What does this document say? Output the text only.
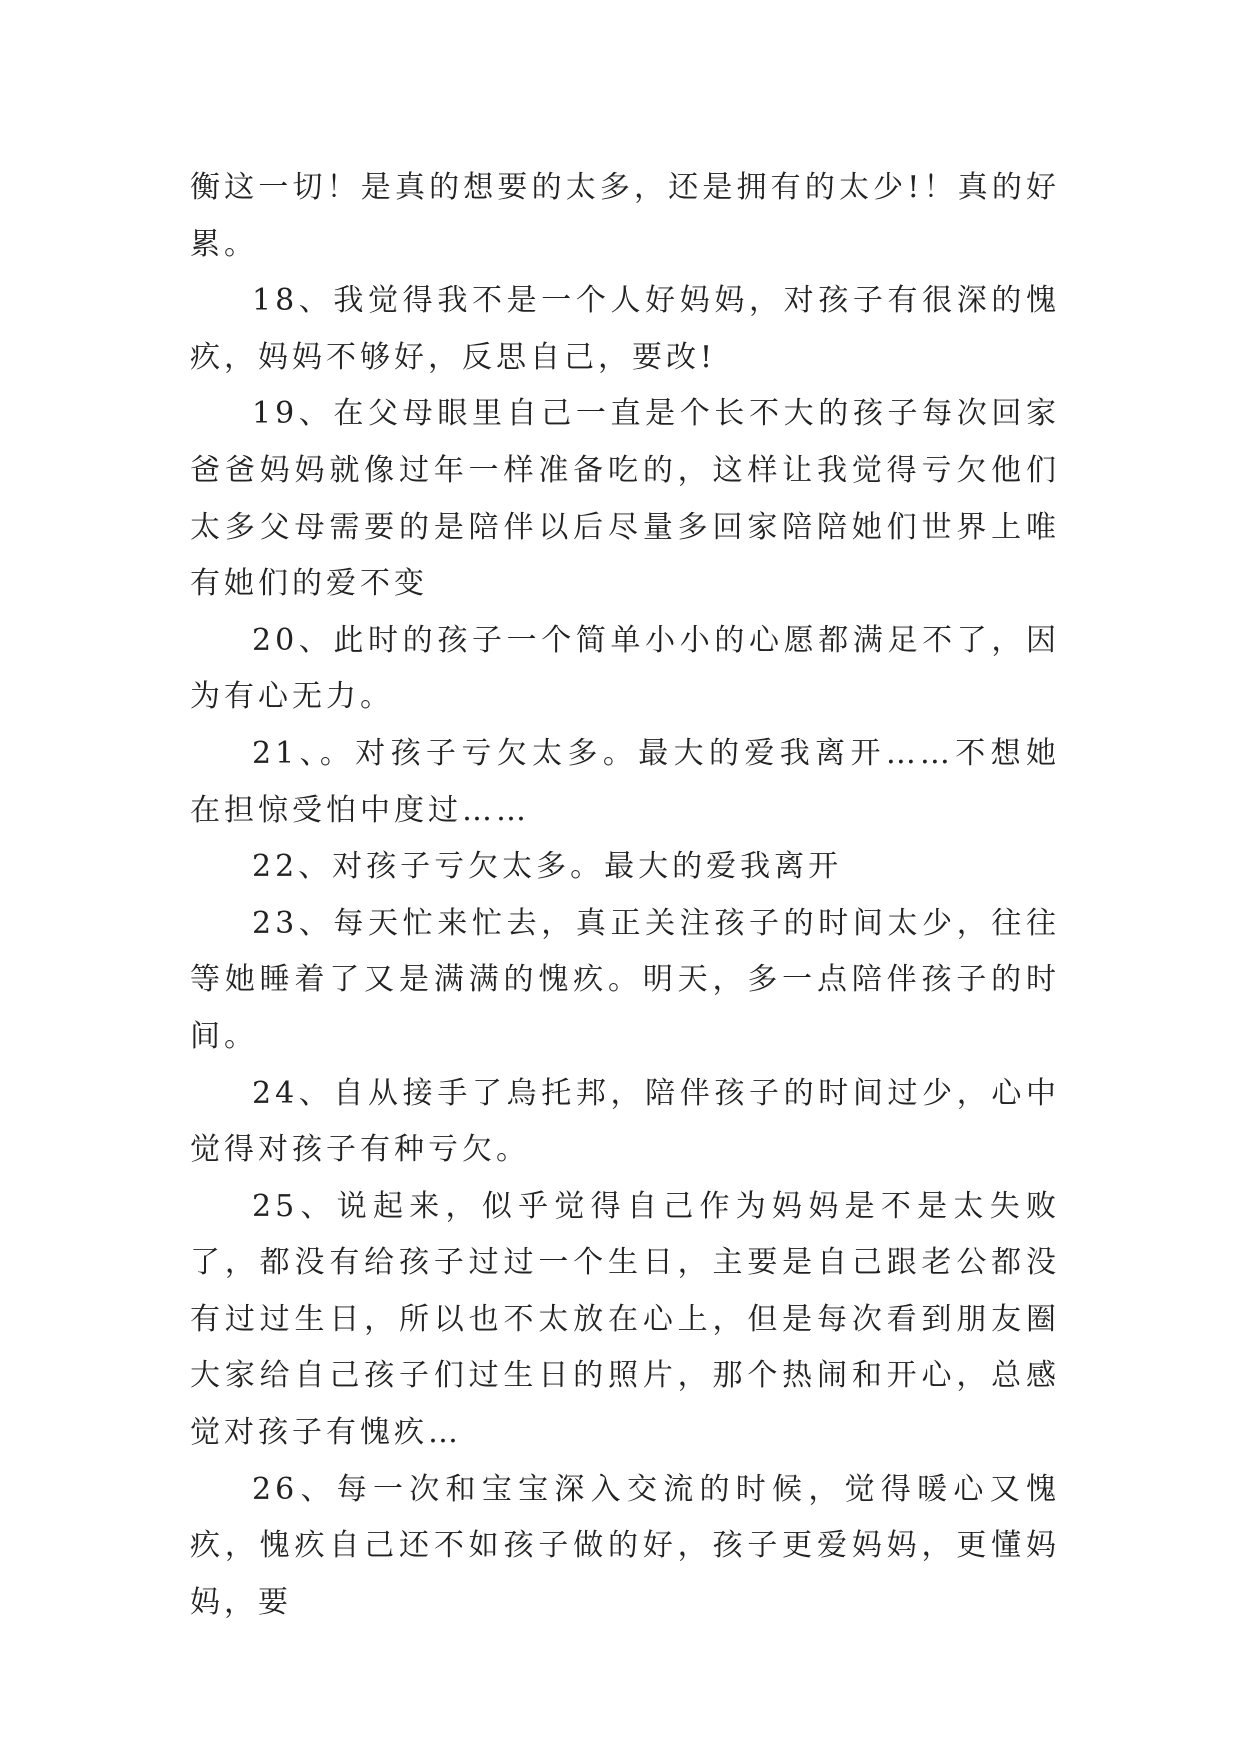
衡这一切！是真的想要的太多，还是拥有的太少!！真的好累。

18、我觉得我不是一个人好妈妈，对孩子有很深的愧疚，妈妈不够好，反思自己，要改!

19、在父母眼里自己一直是个长不大的孩子每次回家爸爸妈妈就像过年一样准备吃的，这样让我觉得亏欠他们太多父母需要的是陪伴以后尽量多回家陪陪她们世界上唯有她们的爱不变

20、此时的孩子一个简单小小的心愿都满足不了，因为有心无力。

21、。对孩子亏欠太多。最大的爱我离开……不想她在担惊受怕中度过……

22、对孩子亏欠太多。最大的爱我离开

23、每天忙来忙去，真正关注孩子的时间太少，往往等她睡着了又是满满的愧疚。明天，多一点陪伴孩子的时间。

24、自从接手了烏托邦，陪伴孩子的时间过少，心中觉得对孩子有种亏欠。

25、说起来，似乎觉得自己作为妈妈是不是太失败了，都没有给孩子过过一个生日，主要是自己跟老公都没有过过生日，所以也不太放在心上，但是每次看到朋友圈大家给自己孩子们过生日的照片，那个热闹和开心，总感觉对孩子有愧疚…

26、每一次和宝宝深入交流的时候，觉得暖心又愧疚，愧疚自己还不如孩子做的好，孩子更爱妈妈，更懂妈妈，要
